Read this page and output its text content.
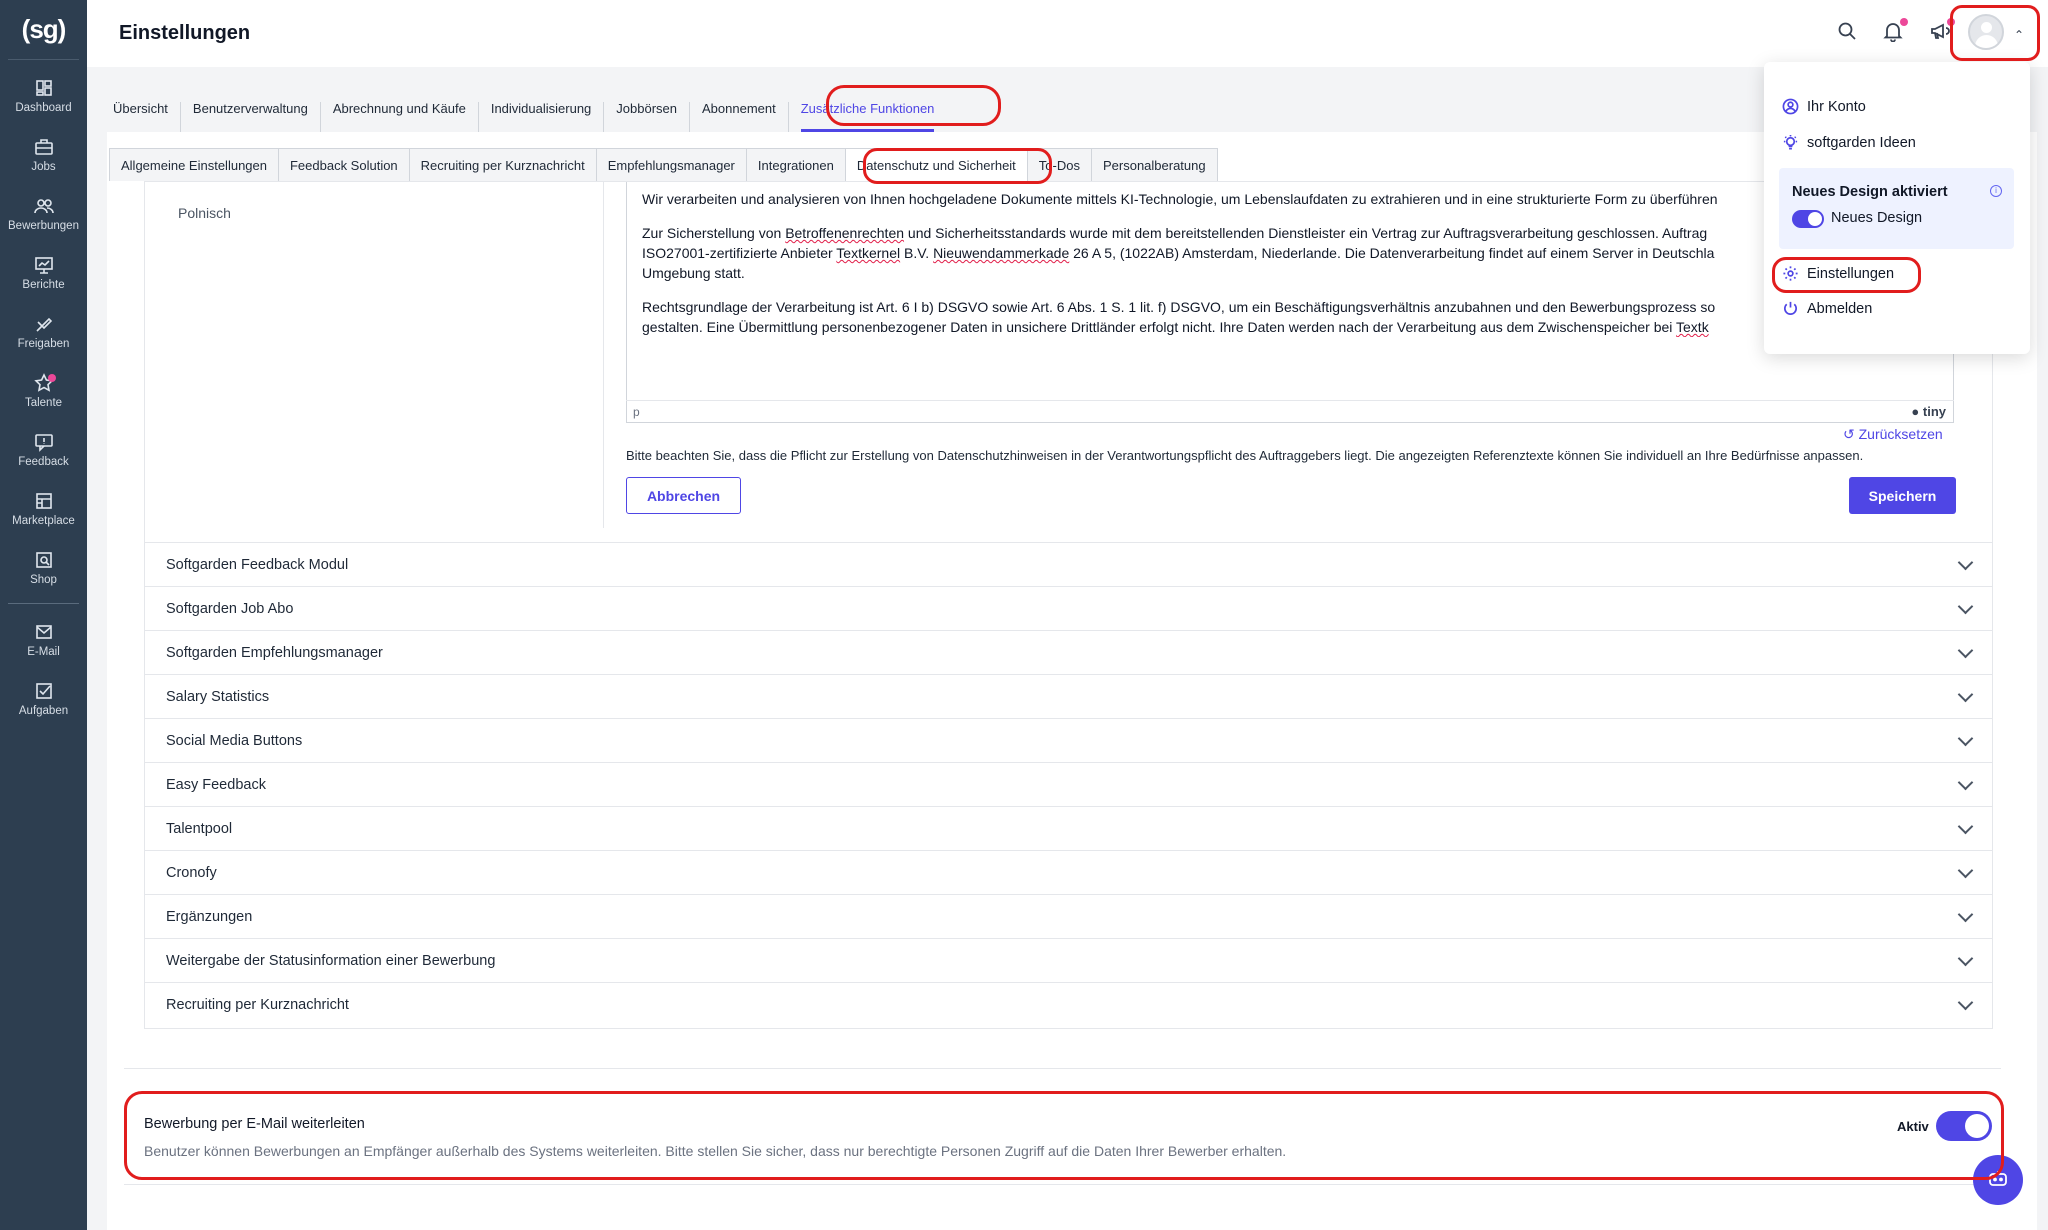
(sg)
Dashboard
Jobs
Bewerbungen
Berichte
Freigaben
Talente
Feedback
Marketplace
Shop
E-Mail
Aufgaben
Einstellungen	⌃
Übersicht	Benutzerverwaltung	Abrechnung und Käufe	Individualisierung	Jobbörsen	Abonnement	Zusätzliche Funktionen
Allgemeine Einstellungen	Feedback Solution	Recruiting per Kurznachricht	Empfehlungsmanager	Integrationen	Datenschutz und Sicherheit	To-Dos	Personalberatung
Polnisch

Wir verarbeiten und analysieren von Ihnen hochgeladene Dokumente mittels KI-Technologie, um Lebenslaufdaten zu extrahieren und in eine strukturierte Form zu überführen

Zur Sicherstellung von Betroffenenrechten und Sicherheitsstandards wurde mit dem bereitstellenden Dienstleister ein Vertrag zur Auftragsverarbeitung geschlossen. Auftrag
ISO27001-zertifizierte Anbieter Textkernel B.V. Nieuwendammerkade 26 A 5, (1022AB) Amsterdam, Niederlande. Die Datenverarbeitung findet auf einem Server in Deutschla
Umgebung statt.

Rechtsgrundlage der Verarbeitung ist Art. 6 I b) DSGVO sowie Art. 6 Abs. 1 S. 1 lit. f) DSGVO, um ein Beschäftigungsverhältnis anzubahnen und den Bewerbungsprozess so
gestalten. Eine Übermittlung personenbezogener Daten in unsichere Drittländer erfolgt nicht. Ihre Daten werden nach der Verarbeitung aus dem Zwischenspeicher bei Textk

p	● tiny
↺ Zurücksetzen
Bitte beachten Sie, dass die Pflicht zur Erstellung von Datenschutzhinweisen in der Verantwortungspflicht des Auftraggebers liegt. Die angezeigten Referenztexte können Sie individuell an Ihre Bedürfnisse anpassen.
Abbrechen	Speichern
Softgarden Feedback Modul
Softgarden Job Abo
Softgarden Empfehlungsmanager
Salary Statistics
Social Media Buttons
Easy Feedback
Talentpool
Cronofy
Ergänzungen
Weitergabe der Statusinformation einer Bewerbung
Recruiting per Kurznachricht
Bewerbung per E-Mail weiterleiten
Benutzer können Bewerbungen an Empfänger außerhalb des Systems weiterleiten. Bitte stellen Sie sicher, dass nur berechtigte Personen Zugriff auf die Daten Ihrer Bewerber erhalten.
Aktiv
Ihr Konto
softgarden Ideen
Neues Design aktiviert	i
Neues Design
Einstellungen
Abmelden
